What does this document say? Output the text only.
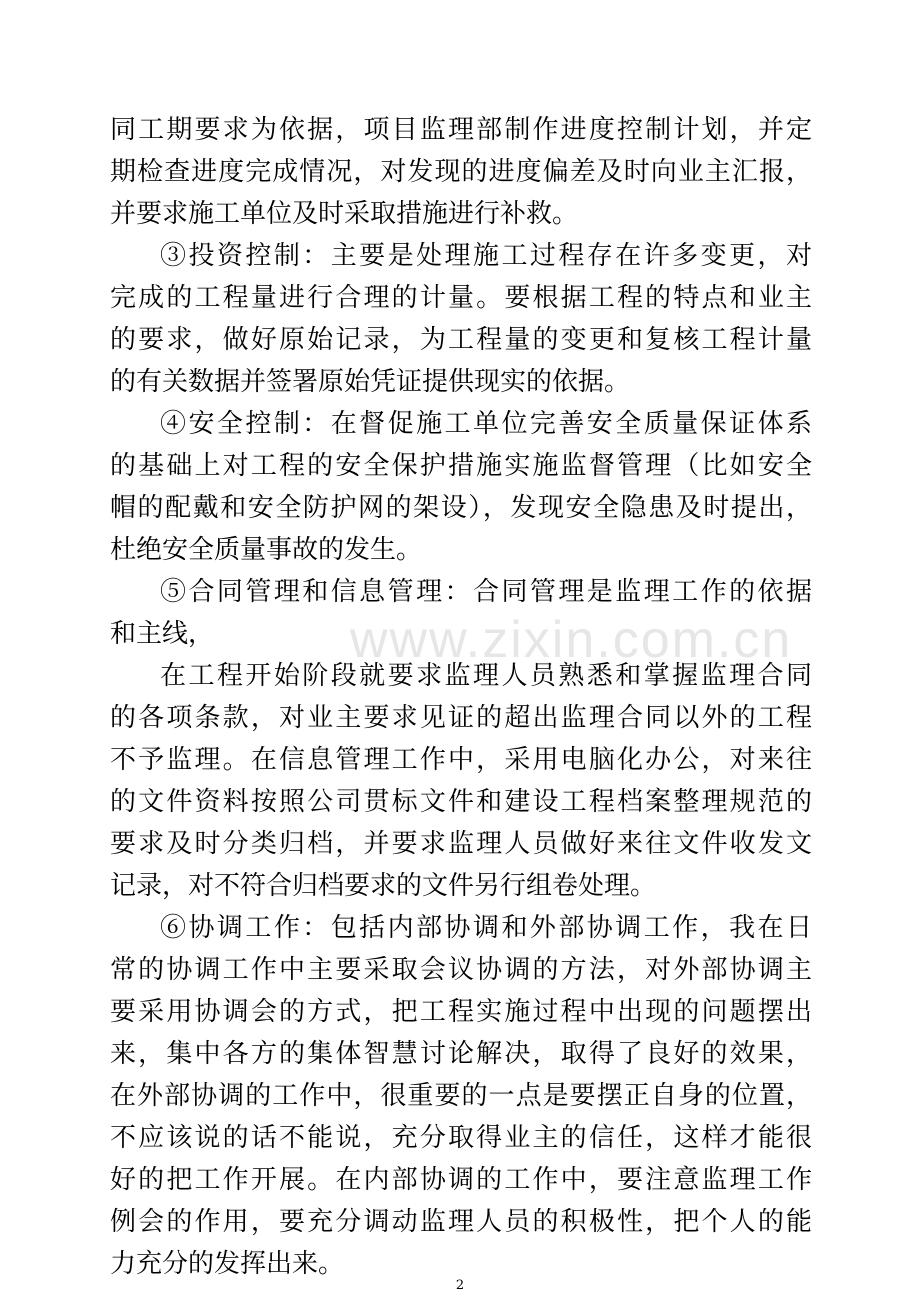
www.zixin.com.cn
同工期要求为依据，项目监理部制作进度控制计划，并定
期检查进度完成情况，对发现的进度偏差及时向业主汇报，
并要求施工单位及时采取措施进行补救。
③投资控制：主要是处理施工过程存在许多变更，对
完成的工程量进行合理的计量。要根据工程的特点和业主
的要求，做好原始记录，为工程量的变更和复核工程计量
的有关数据并签署原始凭证提供现实的依据。
④安全控制：在督促施工单位完善安全质量保证体系
的基础上对工程的安全保护措施实施监督管理（比如安全
帽的配戴和安全防护网的架设），发现安全隐患及时提出，
杜绝安全质量事故的发生。
⑤合同管理和信息管理：合同管理是监理工作的依据
和主线，
在工程开始阶段就要求监理人员熟悉和掌握监理合同
的各项条款，对业主要求见证的超出监理合同以外的工程
不予监理。在信息管理工作中，采用电脑化办公，对来往
的文件资料按照公司贯标文件和建设工程档案整理规范的
要求及时分类归档，并要求监理人员做好来往文件收发文
记录，对不符合归档要求的文件另行组卷处理。
⑥协调工作：包括内部协调和外部协调工作，我在日
常的协调工作中主要采取会议协调的方法，对外部协调主
要采用协调会的方式，把工程实施过程中出现的问题摆出
来，集中各方的集体智慧讨论解决，取得了良好的效果，
在外部协调的工作中，很重要的一点是要摆正自身的位置，
不应该说的话不能说，充分取得业主的信任，这样才能很
好的把工作开展。在内部协调的工作中，要注意监理工作
例会的作用，要充分调动监理人员的积极性，把个人的能
力充分的发挥出来。
2
